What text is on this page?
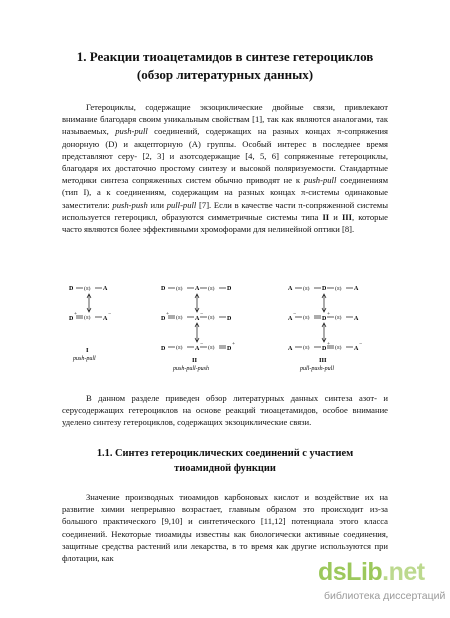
1. Реакции тиоацетамидов в синтезе гетероциклов
(обзор литературных данных)
Гетероциклы, содержащие экзоциклические двойные связи, привлекают внимание благодаря своим уникальным свойствам [1], так как являются аналогами, так называемых, push-pull соединений, содержащих на разных концах π-сопряжения донорную (D) и акцепторную (A) группы. Особый интерес в последнее время представляют серу- [2, 3] и азотсодержащие [4, 5, 6] сопряженные гетероциклы, благодаря их достаточно простому синтезу и высокой поляризуемости. Стандартные методики синтеза сопряженных систем обычно приводят не к push-pull соединениям (тип I), а к соединениям, содержащим на разных концах π-системы одинаковые заместители: push-push или pull-pull [7]. Если в качестве части π-сопряженной системы используется гетероцикл, образуются симметричные системы типа II и III, которые часто являются более эффективными хромофорами для нелинейной оптики [8].
D (π) A
D
+
(π) A
−
I
push-pull
D (π) A (π) D
D
+
(π) A
−
(π) D
D (π) A
−
(π) D
+
II
push-pull-push
A (π) D (π) A
A
−
(π) D
+
(π) A
A (π) D
+
(π) A
−
III
pull-push-pull
В данном разделе приведен обзор литературных данных синтеза азот- и серусодержащих гетероциклов на основе реакций тиоацетамидов, особое внимание уделено синтезу гетероциклов, содержащих экзоциклические связи.
1.1. Синтез гетероциклических соединений с участием
тиоамидной функции
Значение производных тиоамидов карбоновых кислот и воздействие их на развитие химии непрерывно возрастает, главным образом это происходит из-за большого практического [9,10] и синтетического [11,12] потенциала этого класса соединений. Некоторые тиоамиды известны как биологически активные соединения, защитные средства растений или лекарства, в то время как другие используются при флотации, как	dsLib.net
библиотека диссертаций
